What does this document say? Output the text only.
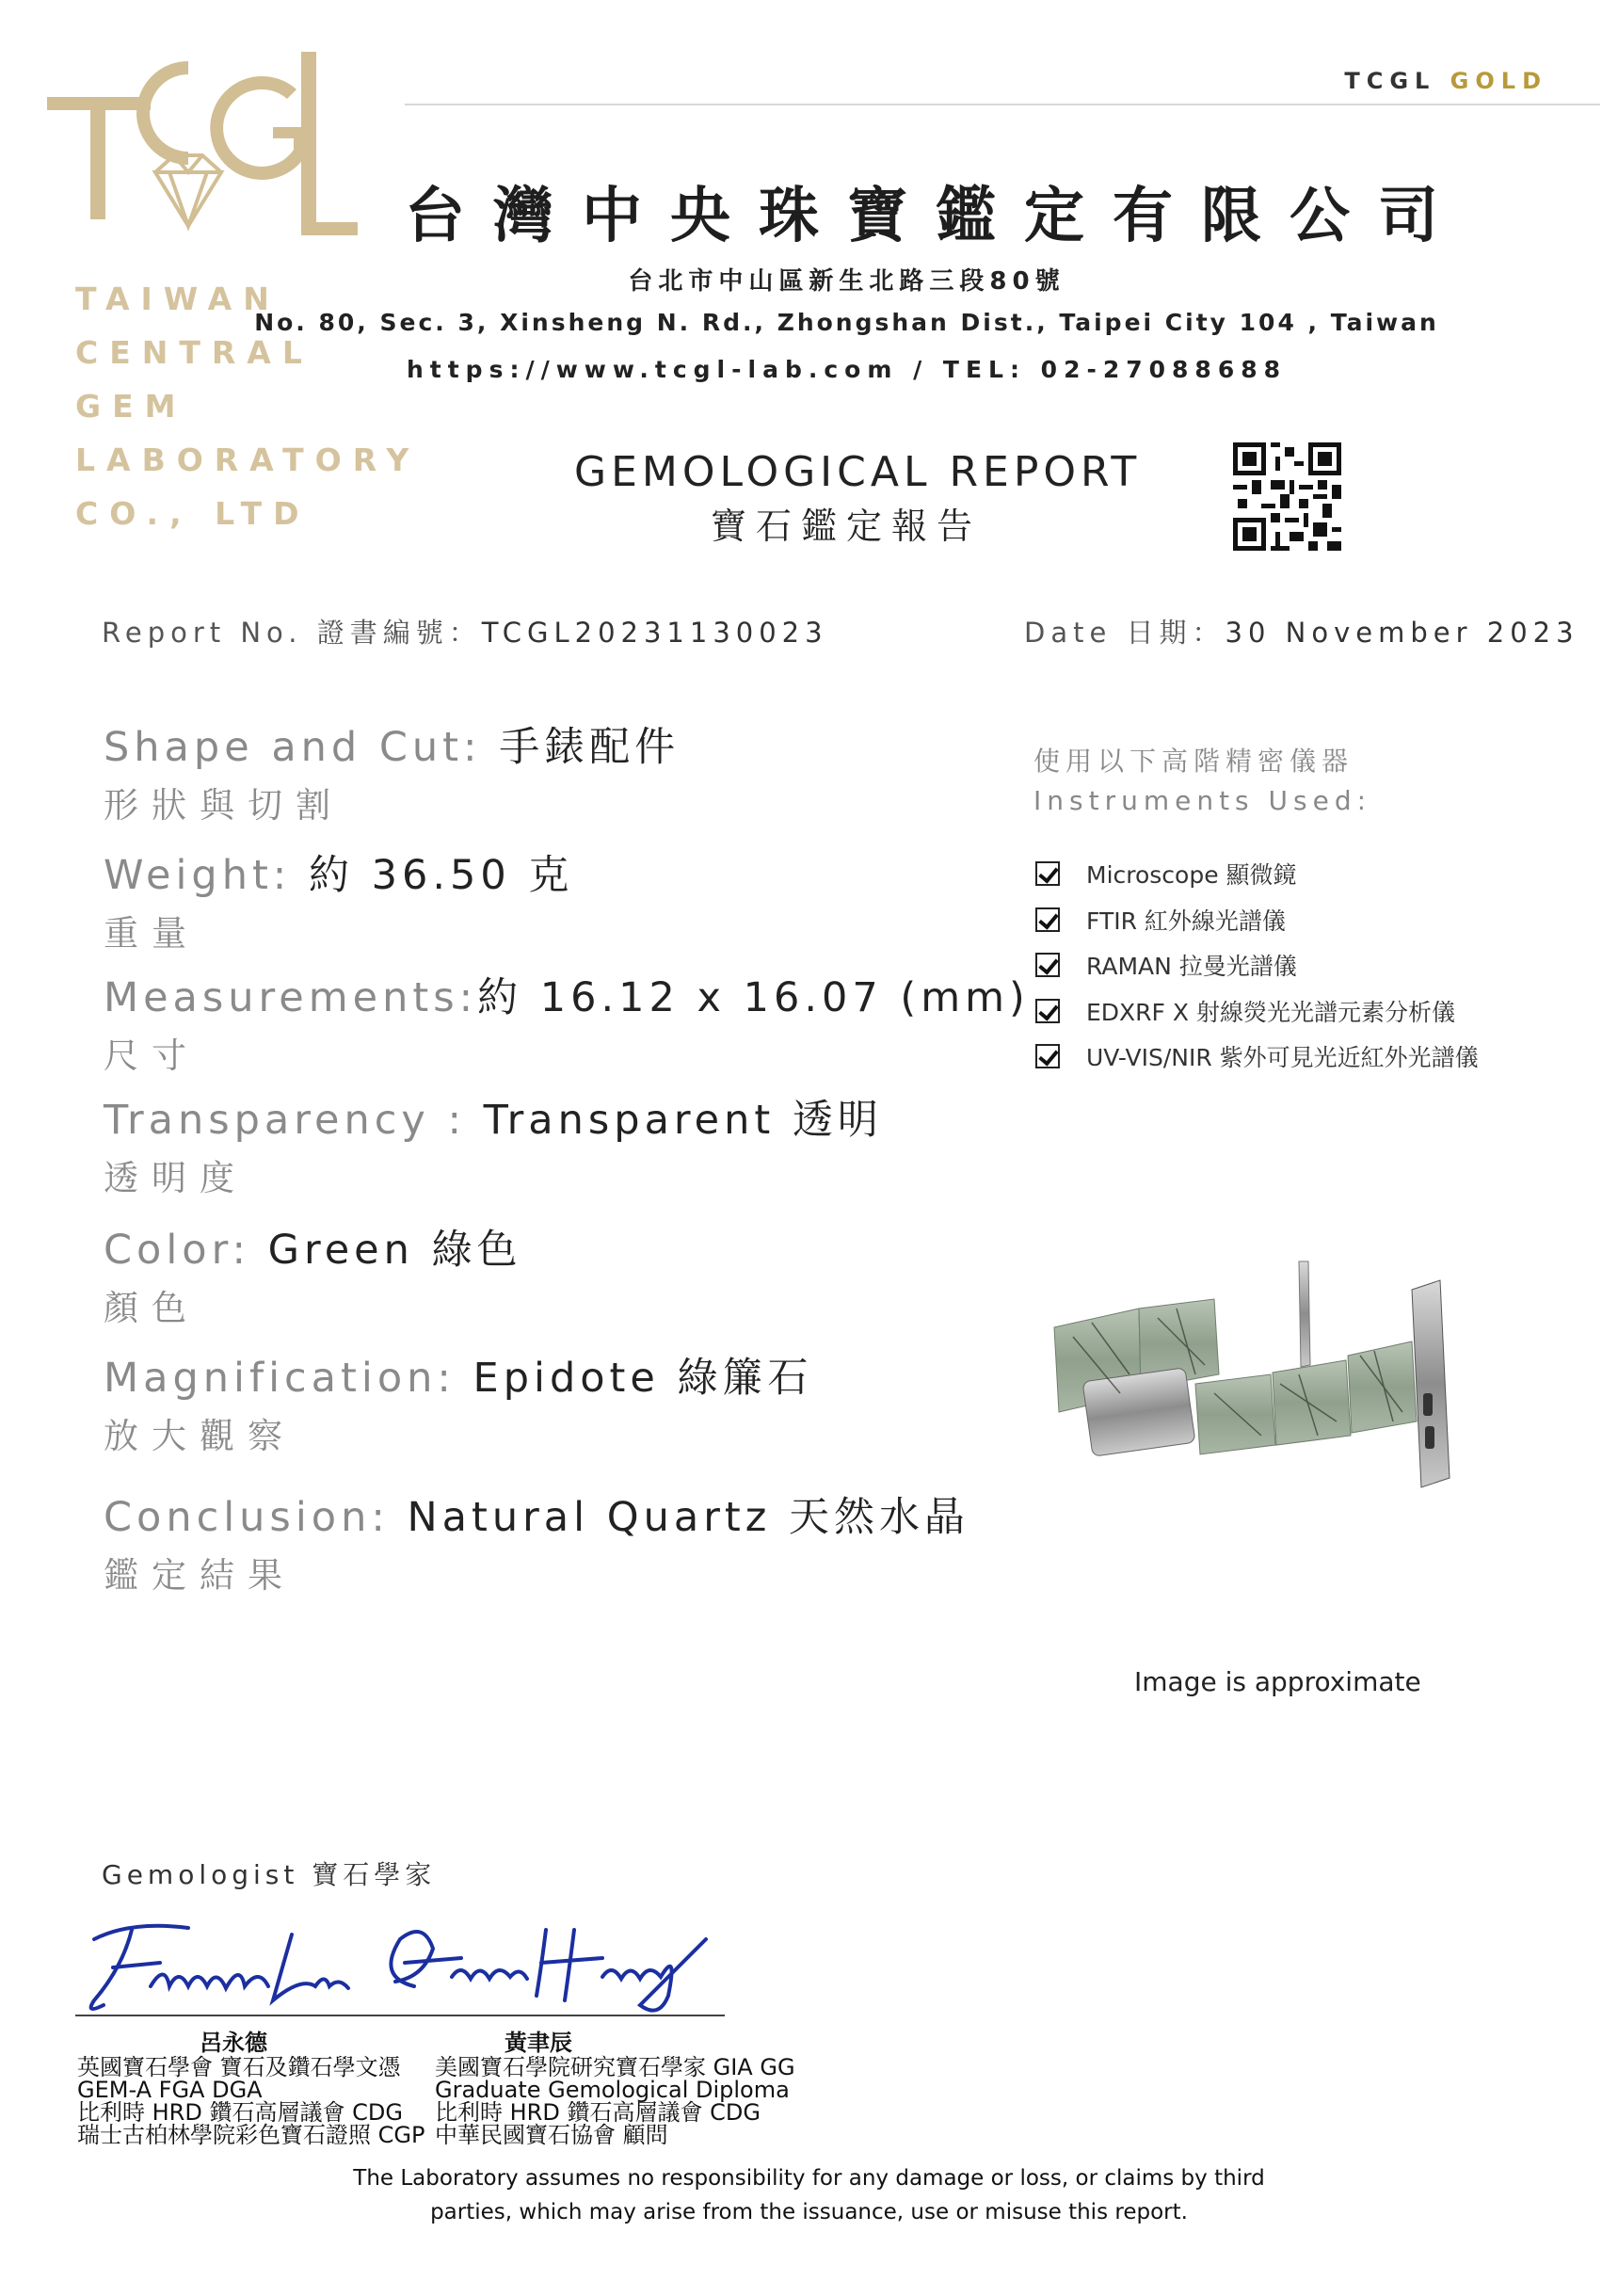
TAIWAN
CENTRAL
GEM
LABORATORY
CO., LTD
TCGL GOLD
台灣中央珠寶鑑定有限公司
台北市中山區新生北路三段80號
No. 80, Sec. 3, Xinsheng N. Rd., Zhongshan Dist., Taipei City 104 , Taiwan
https://www.tcgl-lab.com / TEL: 02-27088688
GEMOLOGICAL REPORT
寶石鑑定報告
Report No. 證書編號：TCGL20231130023	Date 日期：30 November 2023
Shape and Cut: 手錶配件
形狀與切割
Weight: 約 36.50 克
重量
Measurements:約 16.12 x 16.07 (mm)
尺寸
Transparency : Transparent 透明
透明度
Color: Green 綠色
顏色
Magnification: Epidote 綠簾石
放大觀察
Conclusion: Natural Quartz 天然水晶
鑑定結果
使用以下高階精密儀器
Instruments Used:
Microscope 顯微鏡
FTIR 紅外線光譜儀
RAMAN 拉曼光譜儀
EDXRF X 射線熒光光譜元素分析儀
UV-VIS/NIR 紫外可見光近紅外光譜儀
Image is approximate
Gemologist 寶石學家
呂永德
英國寶石學會 寶石及鑽石學文憑
GEM-A FGA DGA
比利時 HRD 鑽石高層議會 CDG
瑞士古柏林學院彩色寶石證照 CGP
黃聿辰
美國寶石學院研究寶石學家 GIA GG
Graduate Gemological Diploma
比利時 HRD 鑽石高層議會 CDG
中華民國寶石協會 顧問
The Laboratory assumes no responsibility for any damage or loss, or claims by third
parties, which may arise from the issuance, use or misuse this report.
